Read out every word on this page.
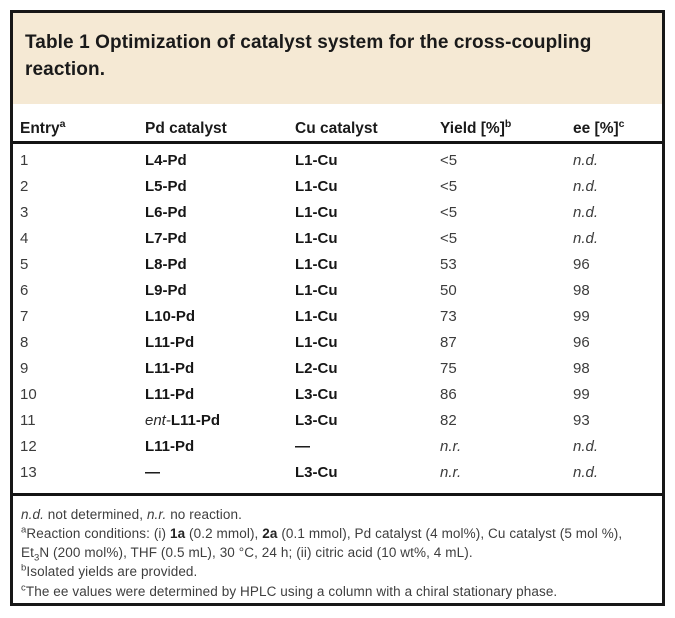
Table 1 Optimization of catalyst system for the cross-coupling reaction.
Entry$^a$	Pd catalyst	Cu catalyst	Yield [%]$^b$	ee [%]$^c$
1	L4-Pd	L1-Cu	<5	n.d.
2	L5-Pd	L1-Cu	<5	n.d.
3	L6-Pd	L1-Cu	<5	n.d.
4	L7-Pd	L1-Cu	<5	n.d.
5	L8-Pd	L1-Cu	53	96
6	L9-Pd	L1-Cu	50	98
7	L10-Pd	L1-Cu	73	99
8	L11-Pd	L1-Cu	87	96
9	L11-Pd	L2-Cu	75	98
10	L11-Pd	L3-Cu	86	99
11	ent-L11-Pd	L3-Cu	82	93
12	L11-Pd	—	n.r.	n.d.
13	—	L3-Cu	n.r.	n.d.

n.d. not determined, n.r. no reaction.

$^a$Reaction conditions: (i) 1a (0.2 mmol), 2a (0.1 mmol), Pd catalyst (4 mol%), Cu catalyst (5 mol %), $Et_3N$ (200 mol%), THF (0.5 mL), 30 °C, 24 h; (ii) citric acid (10 wt%, 4 mL).

$^b$Isolated yields are provided.

$^c$The ee values were determined by HPLC using a column with a chiral stationary phase.
